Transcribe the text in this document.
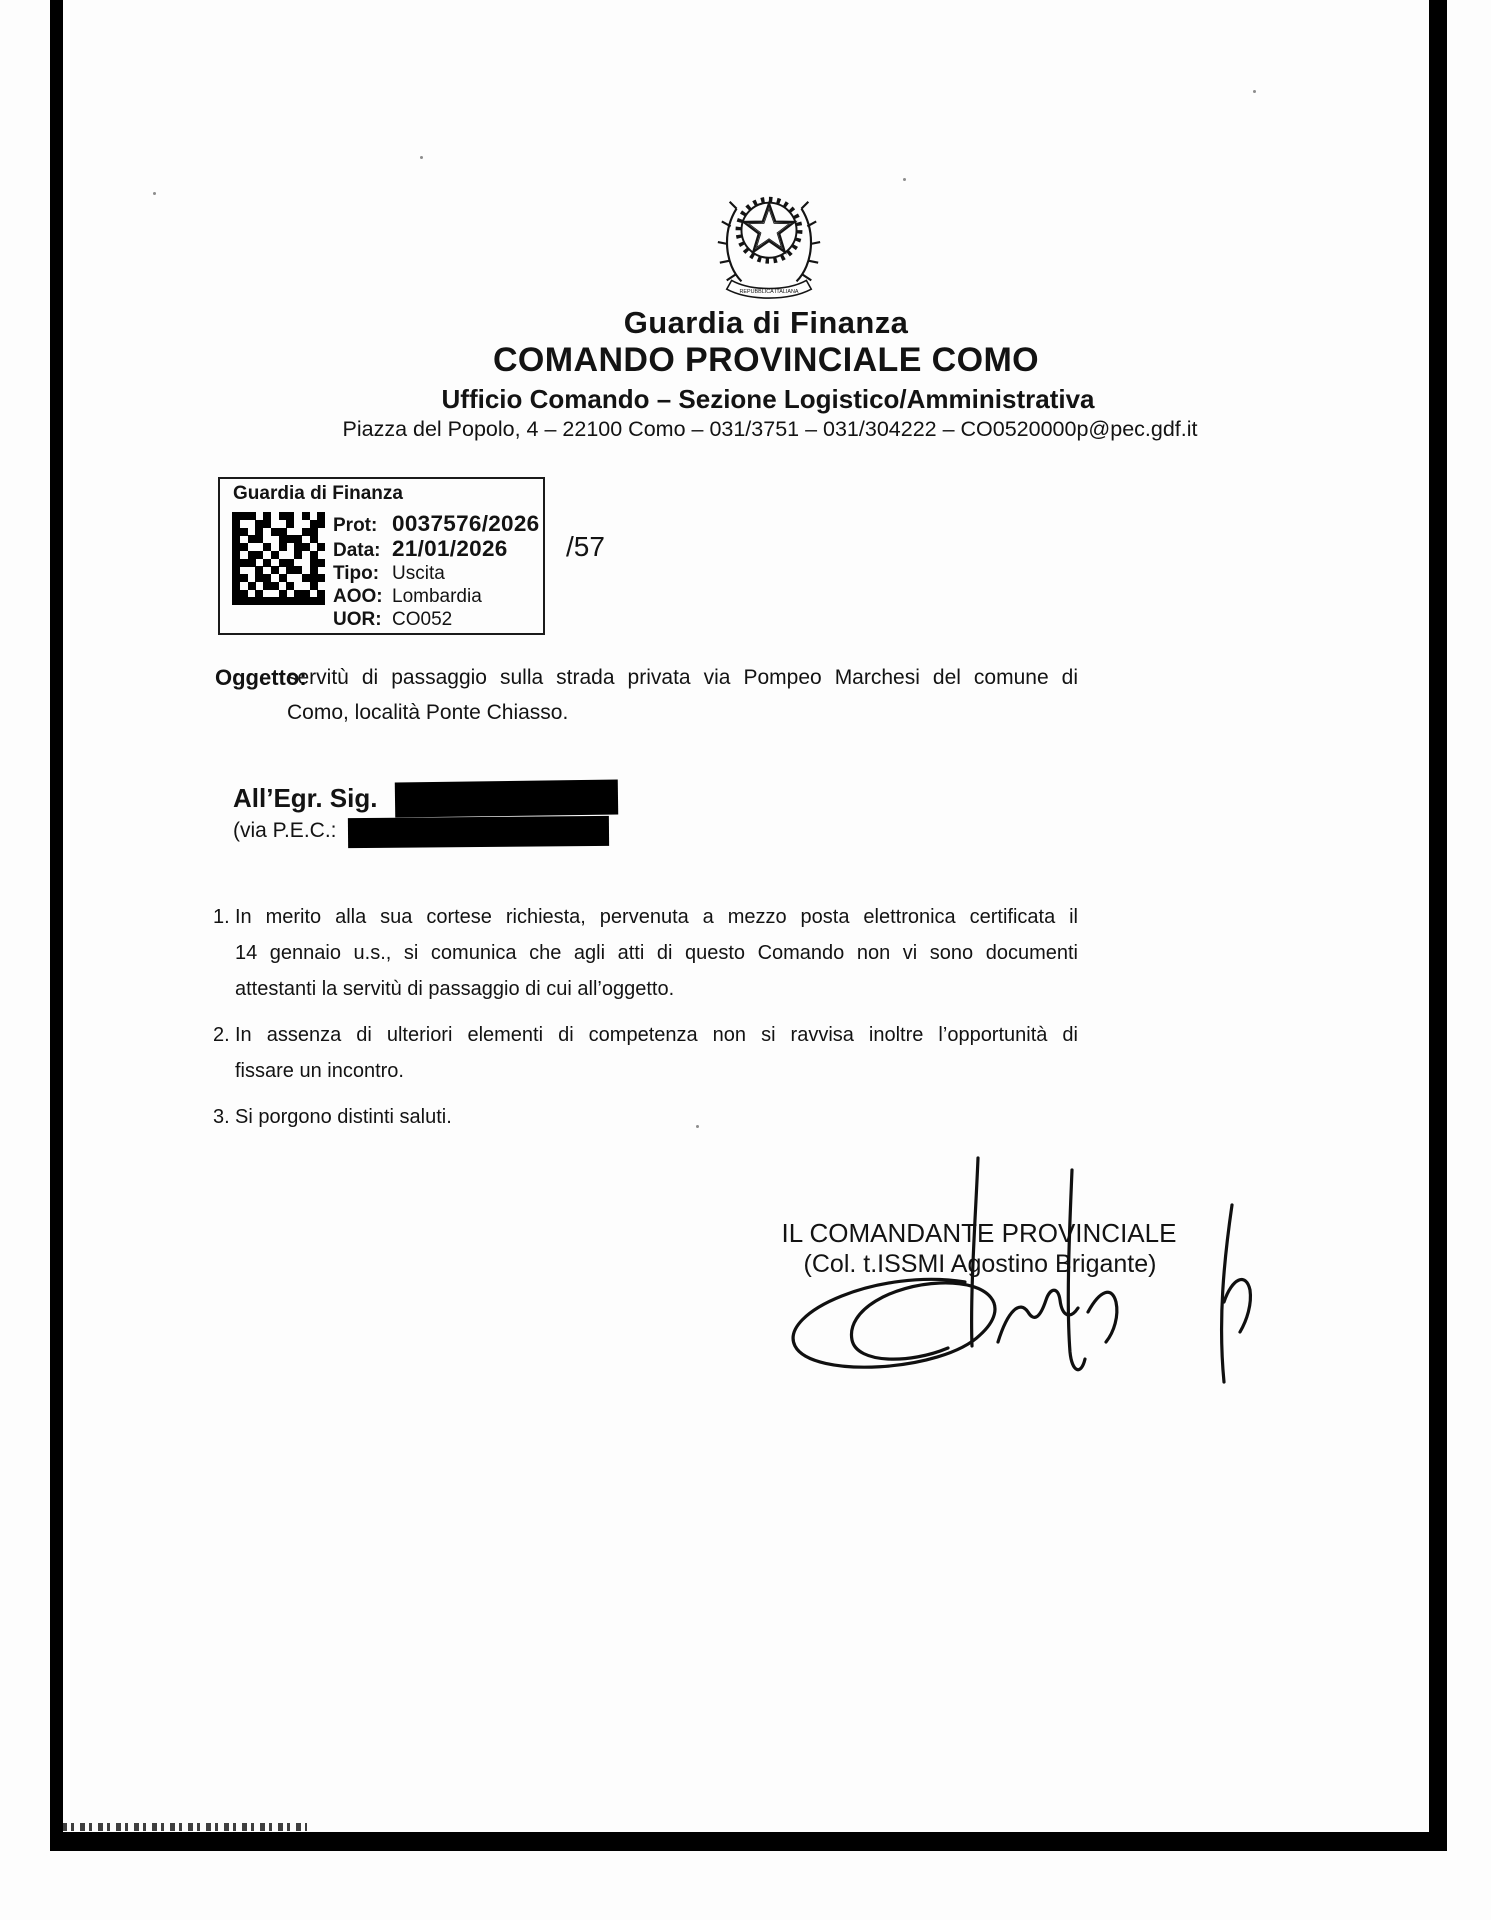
REPUBBLICA ITALIANA
Guardia di Finanza
COMANDO PROVINCIALE COMO
Ufficio Comando – Sezione Logistico/Amministrativa
Piazza del Popolo, 4 – 22100 Como – 031/3751 – 031/304222 – CO0520000p@pec.gdf.it
Guardia di Finanza
Prot: 0037576/2026
Data: 21/01/2026
Tipo: Uscita
AOO: Lombardia
UOR: CO052
/57
Oggetto:
servitù di passaggio sulla strada privata via Pompeo Marchesi del comune di
Como, località Ponte Chiasso.
All’Egr. Sig.
(via P.E.C.:
1. In merito alla sua cortese richiesta, pervenuta a mezzo posta elettronica certificata il
14 gennaio u.s., si comunica che agli atti di questo Comando non vi sono documenti
attestanti la servitù di passaggio di cui all’oggetto.
2. In assenza di ulteriori elementi di competenza non si ravvisa inoltre l’opportunità di
fissare un incontro.
3. Si porgono distinti saluti.
IL COMANDANTE PROVINCIALE
(Col. t.ISSMI Agostino Brigante)
